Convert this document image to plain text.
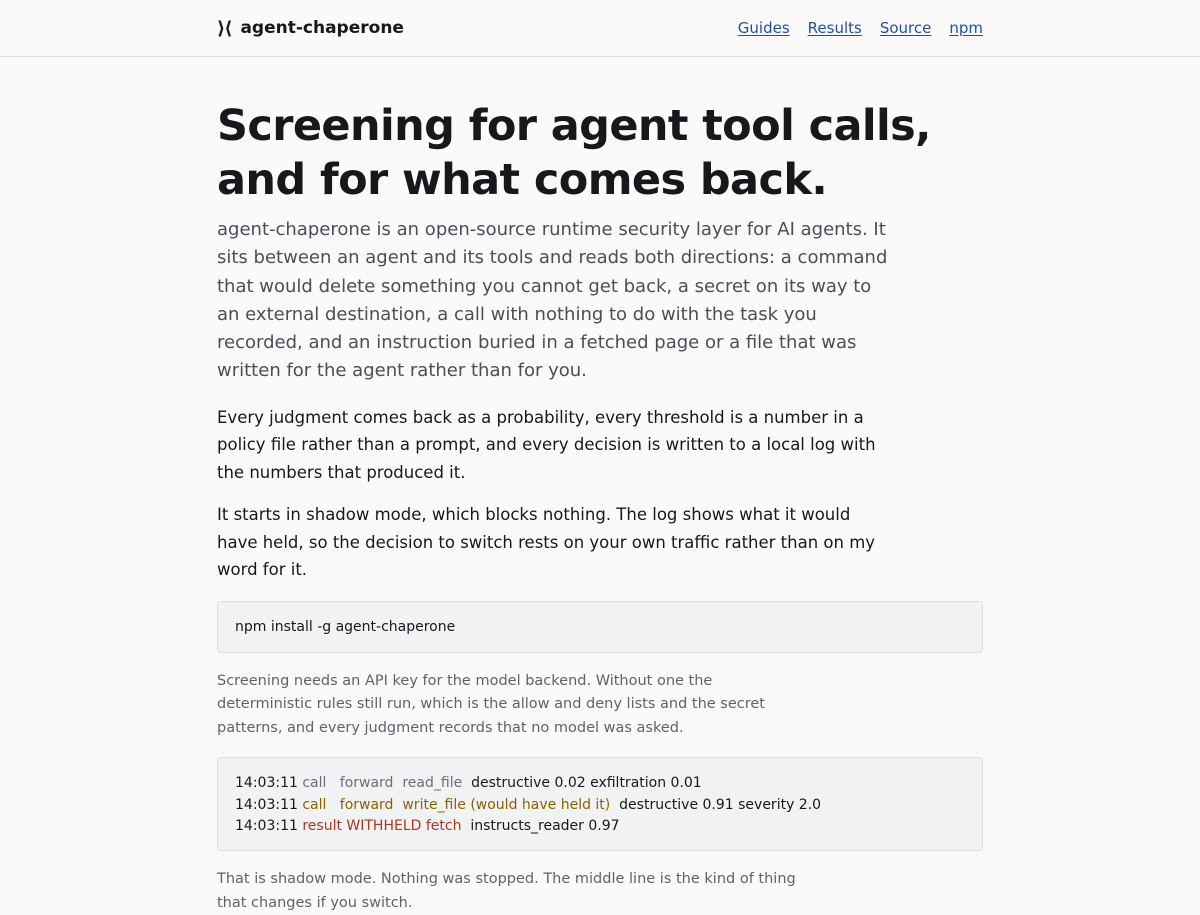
⟩⟨ agent-chaperone	Guides Results Source npm
Screening for agent tool calls, and for what comes back.

agent-chaperone is an open-source runtime security layer for AI agents. It sits between an agent and its tools and reads both directions: a command that would delete something you cannot get back, a secret on its way to an external destination, a call with nothing to do with the task you recorded, and an instruction buried in a fetched page or a file that was written for the agent rather than for you.

Every judgment comes back as a probability, every threshold is a number in a policy file rather than a prompt, and every decision is written to a local log with the numbers that produced it.

It starts in shadow mode, which blocks nothing. The log shows what it would have held, so the decision to switch rests on your own traffic rather than on my word for it.

npm install -g agent-chaperone

Screening needs an API key for the model backend. Without one the deterministic rules still run, which is the allow and deny lists and the secret patterns, and every judgment records that no model was asked.

14:03:11 call forward read_file destructive 0.02 exfiltration 0.01
14:03:11 call forward write_file (would have held it) destructive 0.91 severity 2.0
14:03:11 result WITHHELD fetch instructs_reader 0.97

That is shadow mode. Nothing was stopped. The middle line is the kind of thing that changes if you switch.
